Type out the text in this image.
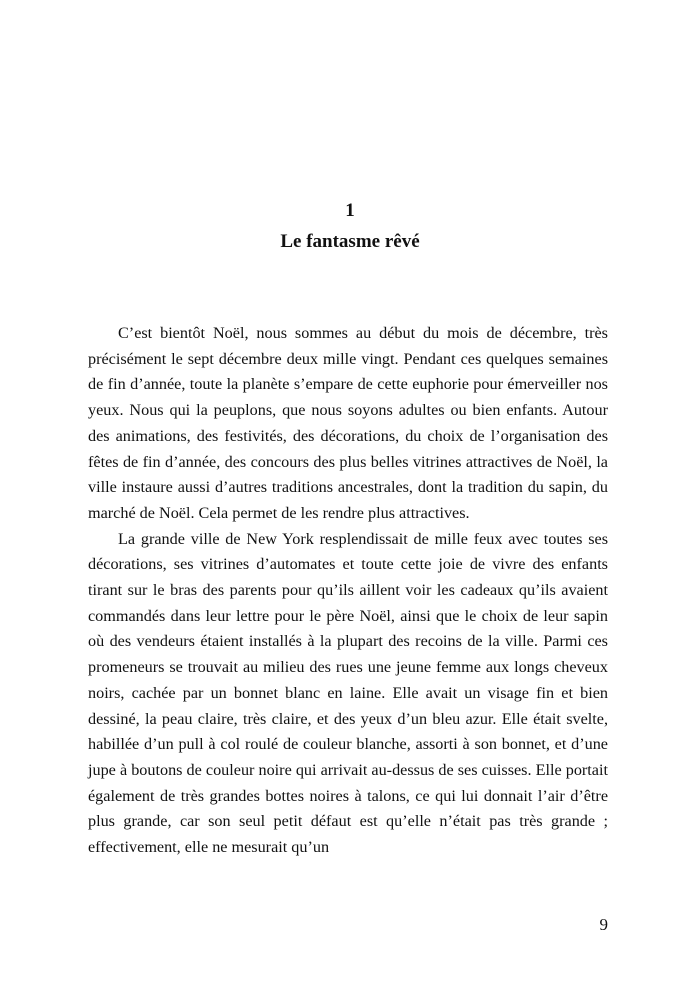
1
Le fantasme rêvé

C’est bientôt Noël, nous sommes au début du mois de décembre, très précisément le sept décembre deux mille vingt. Pendant ces quelques semaines de fin d’année, toute la planète s’empare de cette euphorie pour émerveiller nos yeux. Nous qui la peuplons, que nous soyons adultes ou bien enfants. Autour des animations, des festivités, des décorations, du choix de l’organisation des fêtes de fin d’année, des concours des plus belles vitrines attractives de Noël, la ville instaure aussi d’autres traditions ancestrales, dont la tradition du sapin, du marché de Noël. Cela permet de les rendre plus attractives.

La grande ville de New York resplendissait de mille feux avec toutes ses décorations, ses vitrines d’automates et toute cette joie de vivre des enfants tirant sur le bras des parents pour qu’ils aillent voir les cadeaux qu’ils avaient commandés dans leur lettre pour le père Noël, ainsi que le choix de leur sapin où des vendeurs étaient installés à la plupart des recoins de la ville. Parmi ces promeneurs se trouvait au milieu des rues une jeune femme aux longs cheveux noirs, cachée par un bonnet blanc en laine. Elle avait un visage fin et bien dessiné, la peau claire, très claire, et des yeux d’un bleu azur. Elle était svelte, habillée d’un pull à col roulé de couleur blanche, assorti à son bonnet, et d’une jupe à boutons de couleur noire qui arrivait au-dessus de ses cuisses. Elle portait également de très grandes bottes noires à talons, ce qui lui donnait l’air d’être plus grande, car son seul petit défaut est qu’elle n’était pas très grande ; effectivement, elle ne mesurait qu’un

9
